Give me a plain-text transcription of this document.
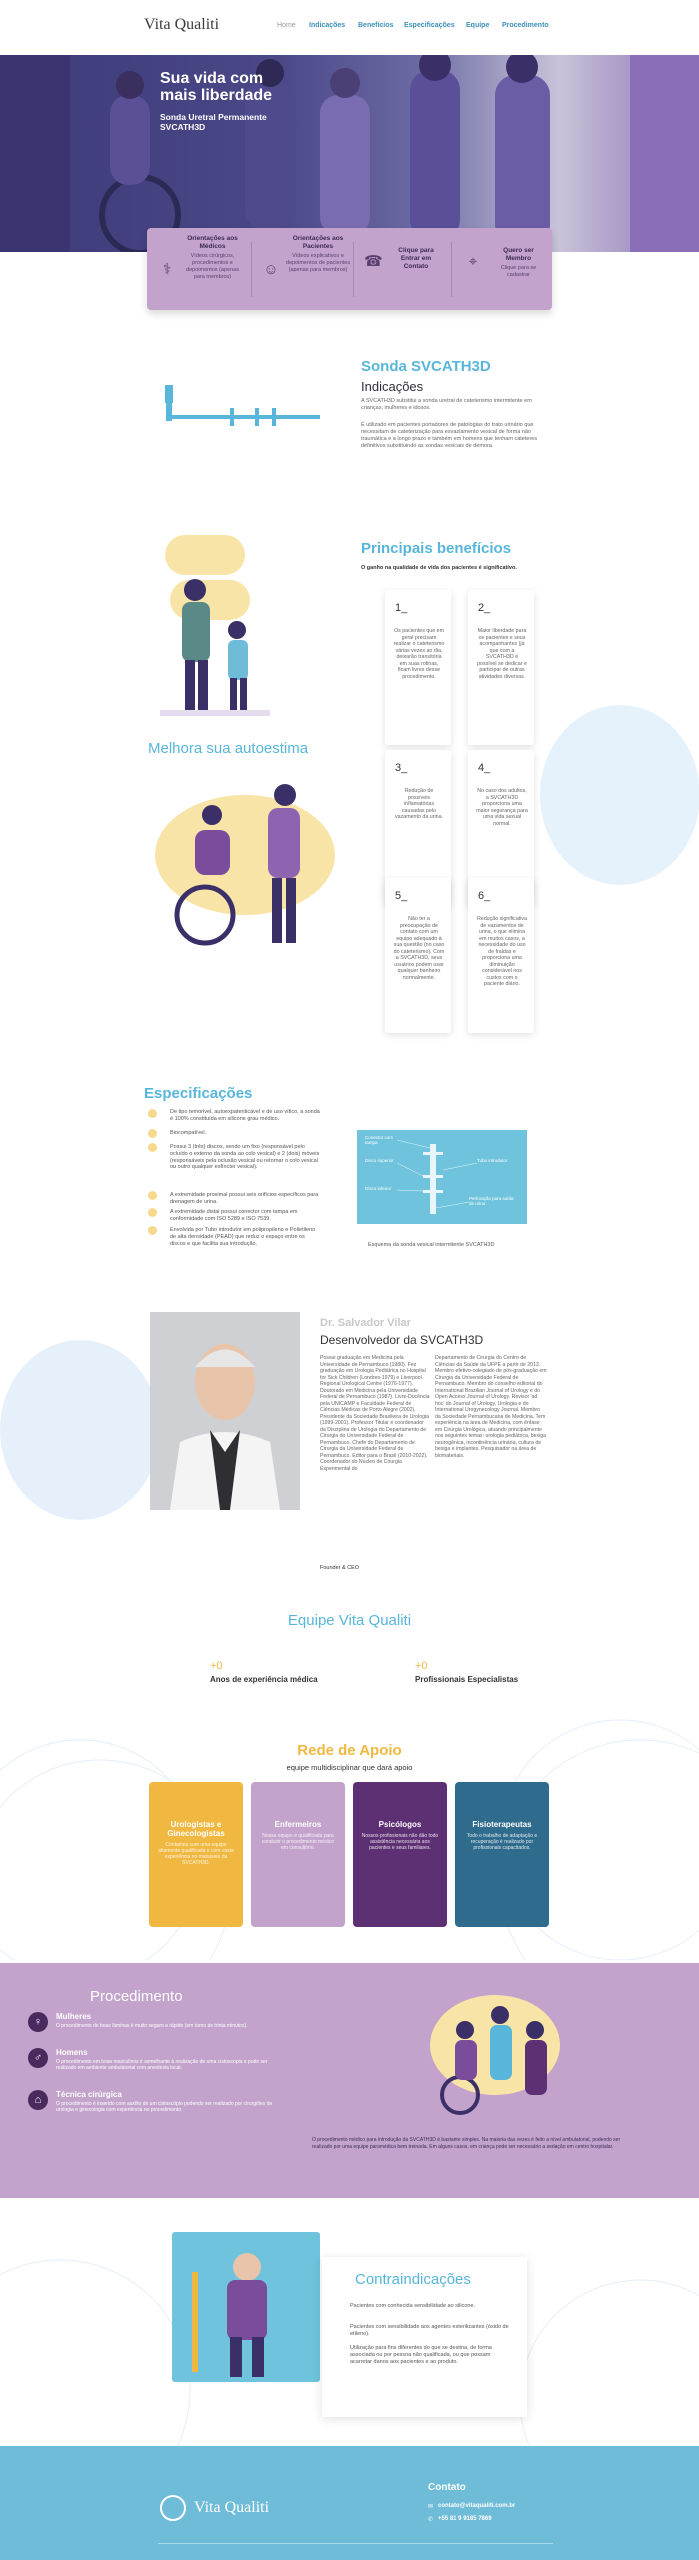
Vita Qualiti	Home Indicações Benefícios Especificações Equipe Procedimento
Sua vida com mais liberdade
Sonda Uretral Permanente SVCATH3D
⚕
Orientações aos Médicos
Vídeos cirúrgicos, procedimentos e depoimentos (apenas para membros)	☺
Orientações aos Pacientes
Vídeos explicativos e depoimentos de pacientes (apenas para membros)	☎
Clique para Entrar em Contato	⌖
Quero ser Membro
Clique para se cadastrar
Sonda SVCATH3D
Indicações
A SVCATH3D substitui a sonda uretral de cateterismo intermitente em crianças, mulheres e idosos.
É utilizado em pacientes portadores de patologias do trato urinário que necessitam de cateterização para esvaziamento vesical de forma não traumática e a longo prazo e também em homens que tenham cateteres definitivos substituindo as sondas vesicais de demora.
Melhora sua autoestima
Principais benefícios
O ganho na qualidade de vida dos pacientes é significativo.
1_
Os pacientes que em geral precisam realizar o cateterismo várias vezes ao dia, deixarão transitória em suas rotinas, ficam livres desse procedimento.
2_
Maior liberdade para os pacientes e seus acompanhantes (já que com a SVCATH3D é possível se dedicar e participar de outras atividades diversas.
3_
Redução de possíveis inflamatórias causadas pelo vazamento da urina.
4_
No caso dos adultos, a SVCATH3D proporciona uma maior segurança para uma vida sexual normal.
5_
Não ter a preocupação de contato com um equipo adequado à sua questão (no caso do cateterismo). Com a SVCATH3D, seus usuários podem usar qualquer banheiro normalmente.
6_
Redução significativa de vazamentos de urina, o que elimina em muitos casos, a necessidade do uso de fraldas e proporciona uma diminuição considerável nos custos com o paciente diário.
Especificações
De tipo temorivel, autoexpatenticável e de uso vítico, a sonda é 100% constituída em silicone grau médico.
Biocompatível.
Possui 3 (três) discos, sendo um fixo (responsável pelo ocluído o externo da sonda ao colo vesical) e 2 (dois) móveis (responsáveis pela oclusão vesical ou retornar o colo vesical ou outro qualquer esfíncter vesical).
A extremidade proximal possui seis orifícios específicos para drenagem de urina.
A extremidade distal possui conector com tampa em conformidade com ISO 5289 e ISO 7539.
Envolvida por Tubo introdutor em polipropileno e Polietileno de alta densidade (PEAD) que reduz o espaço entre os discos e que facilita sua introdução.
Conector com tampa
Disco superior	Tubo introdutor
Disco inferior
Perfuração para saída de urina
Esquema da sonda vesical intermitente SVCATH3D
Dr. Salvador Vilar
Desenvolvedor da SVCATH3D
Possui graduação em Medicina pela Universidade de Pernambuco (1980). Fez graduação em Urologia Pediátrica no Hospital for Sick Children (Londres-1979) e Liverpool Regional Urological Centre (1976-1977). Doutorado em Medicina pela Universidade Federal de Pernambuco (1987). Livre-Docência pela UNICAMP e Faculdade Federal de Ciências Médicas de Porto Alegre (2002). Presidente da Sociedade Brasileira de Urologia (1999-2001). Professor Titular e coordenador da Disciplina de Urologia do Departamento de Cirurgia do Universidade Federal de Pernambuco. Chefe do Departamento de Cirurgia da Universidade Federal de Pernambuco. Editor para o Brasil (2010-2022). Coordenador do Núcleo de Cirurgia Experimental do
Departamento de Cirurgia do Centro de Ciências da Saúde da UFPE a partir de 2013. Membro efetivo-colegiado de pós-graduação em Cirurgia da Universidade Federal de Pernambuco. Membro do conselho editorial do International Brazilian Journal of Urology e do Open Access Journal of Urology. Revisor 'ad hoc' do Journal of Urology, Urologia e do International Urogynecology Journal. Membro da Sociedade Pernambucana de Medicina. Tem experiência na área de Medicina, com ênfase em Cirurgia Urológica, atuando principalmente nos seguintes temas: urologia pediátrica, bexiga neurogênica, incontinência urinária, cultura de bexiga e implantes. Pesquisador na área de biomateriais.
Founder & CEO
Equipe Vita Qualiti
+0
Anos de experiência médica
+0
Profissionais Especialistas
Rede de Apoio
equipe multidisciplinar que dará apoio
Urologistas e Ginecologistas
Contamos com uma equipe altamente qualificada e com vasta experiência no manuseio da SVCATH3D.
Enfermeiros
Nossa equipe é qualificada para conduzir o procedimento médico em consultório.
Psicólogos
Nossos profissionais não dão todo assistência necessária aos pacientes e seus familiares.
Fisioterapeutas
Todo o trabalho de adaptação e recuperação é realizado por profissionais capacitados.
Procedimento
♀	Mulheres
O procedimento de boas lâminas é muito seguro e rápido (em torno de trinta minutos).
♂	Homens
O procedimento em boas masculinos é semelhante à realização de uma cistoscopia e pode ser realizado em ambiente ambulatorial com anestesia local.
⌂	Técnica cirúrgica
O procedimento é inserido com auxílio de um cistoscópio podendo ser realizado por cirurgiões de urologia e ginecologia com experiência no procedimento.
O procedimento médico para introdução da SVCATH3D é bastante simples. Na maioria das vezes é feito a nível ambulatorial, podendo ser realizado por uma equipe paramédica bem treinada. Em alguns casos, em criança pode ser necessário a sedação em centro hospitalar.
Contraindicações
Pacientes com conhecida sensibilidade ao silicone.
Pacientes com sensibilidade aos agentes esterilizantes (óxido de etileno).
Utilização para fins diferentes do que se destina, de forma associada ou por pessoa não qualificada, ou que possam acarretar danos aos pacientes e ao produto.
Vita Qualiti
Contato
✉ contato@vitaqualiti.com.br
✆ +55 81 9 9185 7869
